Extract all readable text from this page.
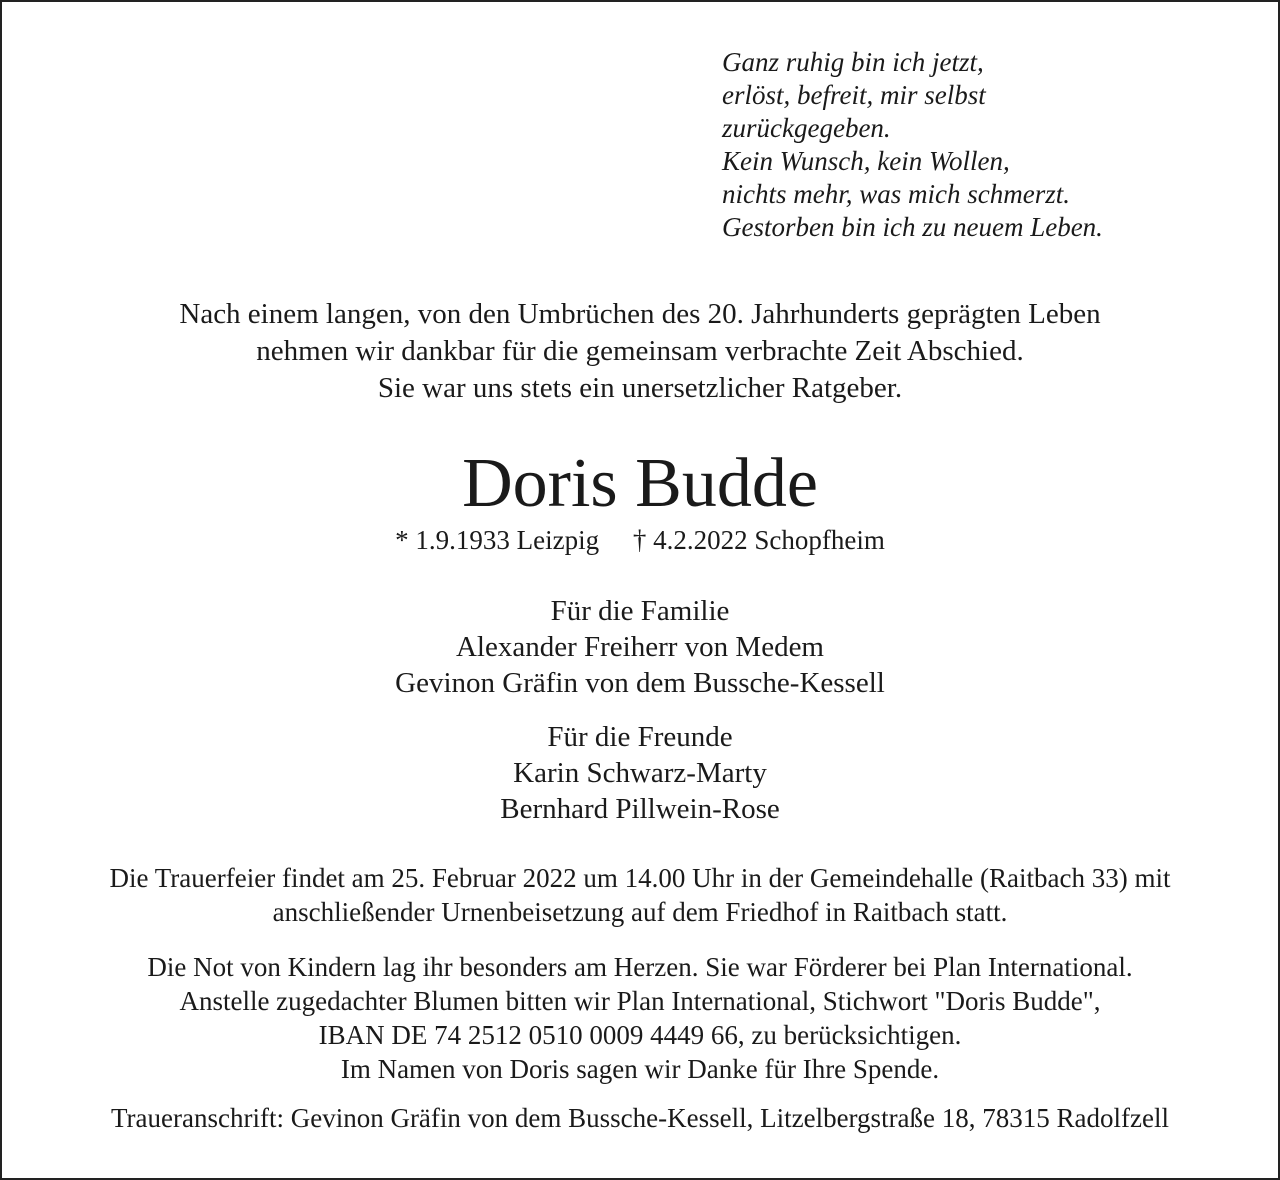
Ganz ruhig bin ich jetzt,
erlöst, befreit, mir selbst
zurückgegeben.
Kein Wunsch, kein Wollen,
nichts mehr, was mich schmerzt.
Gestorben bin ich zu neuem Leben.
Nach einem langen, von den Umbrüchen des 20. Jahrhunderts geprägten Leben
nehmen wir dankbar für die gemeinsam verbrachte Zeit Abschied.
Sie war uns stets ein unersetzlicher Ratgeber.
Doris Budde
* 1.9.1933 Leizpig † 4.2.2022 Schopfheim
Für die Familie
Alexander Freiherr von Medem
Gevinon Gräfin von dem Bussche-Kessell
Für die Freunde
Karin Schwarz-Marty
Bernhard Pillwein-Rose
Die Trauerfeier findet am 25. Februar 2022 um 14.00 Uhr in der Gemeindehalle (Raitbach 33) mit
anschließender Urnenbeisetzung auf dem Friedhof in Raitbach statt.
Die Not von Kindern lag ihr besonders am Herzen. Sie war Förderer bei Plan International.
Anstelle zugedachter Blumen bitten wir Plan International, Stichwort "Doris Budde",
IBAN DE 74 2512 0510 0009 4449 66, zu berücksichtigen.
Im Namen von Doris sagen wir Danke für Ihre Spende.
Traueranschrift: Gevinon Gräfin von dem Bussche-Kessell, Litzelbergstraße 18, 78315 Radolfzell
